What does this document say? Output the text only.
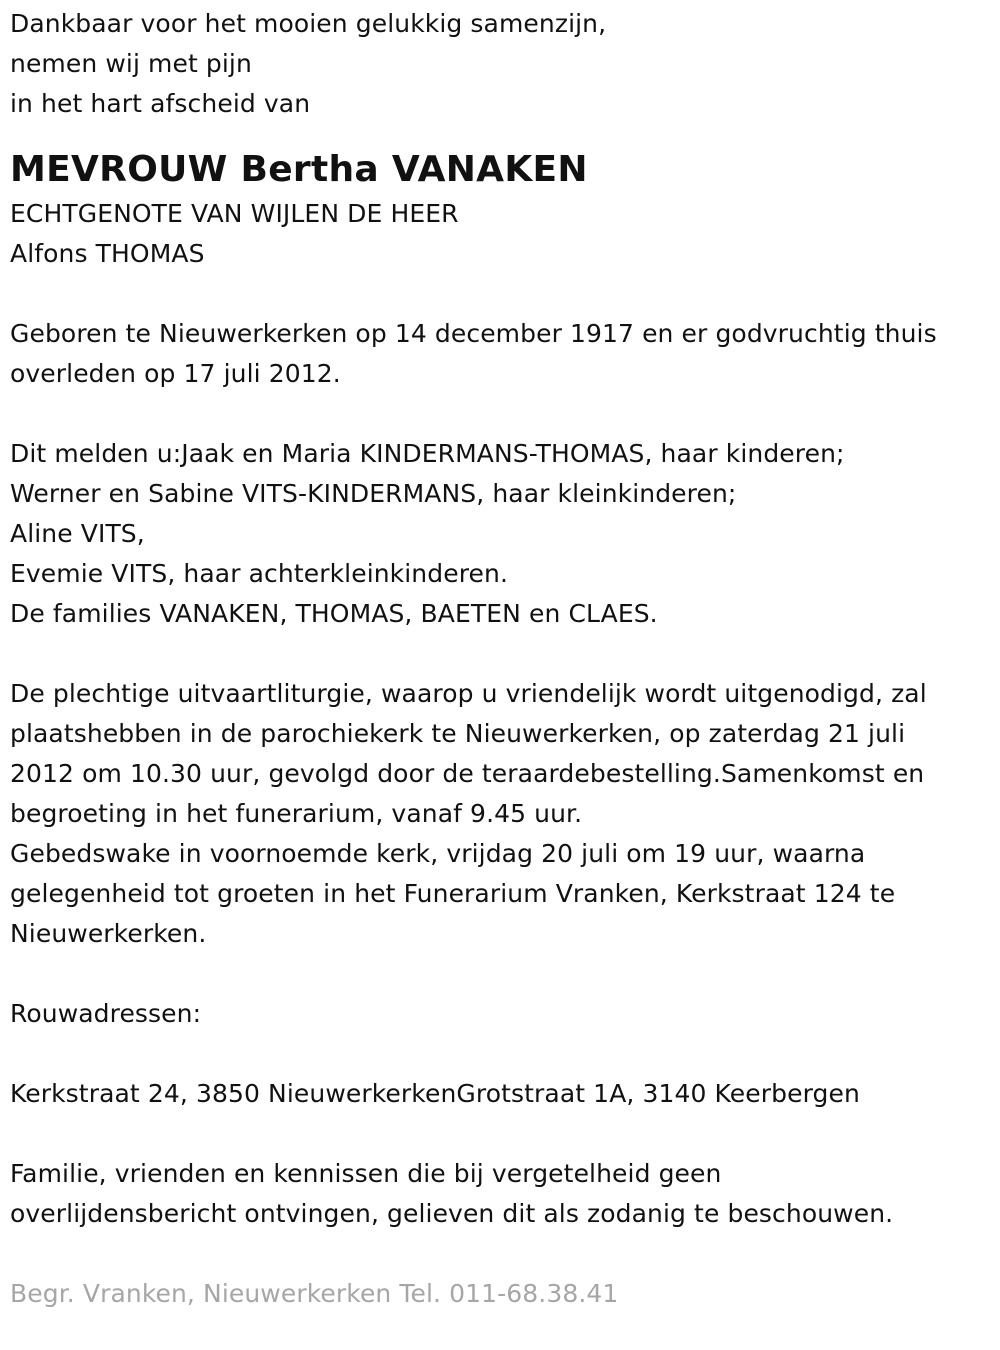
Dankbaar voor het mooien gelukkig samenzijn,
nemen wij met pijn
in het hart afscheid van
MEVROUW Bertha VANAKEN
ECHTGENOTE VAN WIJLEN DE HEER
Alfons THOMAS
Geboren te Nieuwerkerken op 14 december 1917 en er godvruchtig thuis
overleden op 17 juli 2012.
Dit melden u:Jaak en Maria KINDERMANS-THOMAS, haar kinderen;
Werner en Sabine VITS-KINDERMANS, haar kleinkinderen;
Aline VITS,
Evemie VITS, haar achterkleinkinderen.
De families VANAKEN, THOMAS, BAETEN en CLAES.
De plechtige uitvaartliturgie, waarop u vriendelijk wordt uitgenodigd, zal
plaatshebben in de parochiekerk te Nieuwerkerken, op zaterdag 21 juli
2012 om 10.30 uur, gevolgd door de teraardebestelling.Samenkomst en
begroeting in het funerarium, vanaf 9.45 uur.
Gebedswake in voornoemde kerk, vrijdag 20 juli om 19 uur, waarna
gelegenheid tot groeten in het Funerarium Vranken, Kerkstraat 124 te
Nieuwerkerken.
Rouwadressen:
Kerkstraat 24, 3850 NieuwerkerkenGrotstraat 1A, 3140 Keerbergen
Familie, vrienden en kennissen die bij vergetelheid geen
overlijdensbericht ontvingen, gelieven dit als zodanig te beschouwen.
Begr. Vranken, Nieuwerkerken Tel. 011-68.38.41
